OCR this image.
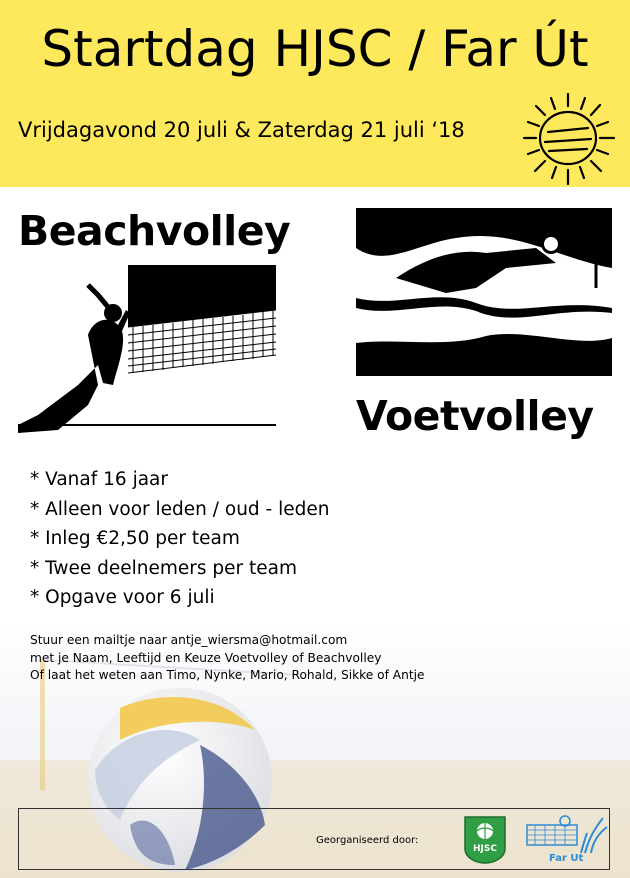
Startdag HJSC / Far Út
Vrijdagavond 20 juli & Zaterdag 21 juli ‘18
Beachvolley
Voetvolley
* Vanaf 16 jaar
* Alleen voor leden / oud - leden
* Inleg €2,50 per team
* Twee deelnemers per team
* Opgave voor 6 juli
Stuur een mailtje naar antje_wiersma@hotmail.com
met je Naam, Leeftijd en Keuze Voetvolley of Beachvolley
Of laat het weten aan Timo, Nynke, Mario, Rohald, Sikke of Antje
Georganiseerd door:
HJSC
Far Ut
